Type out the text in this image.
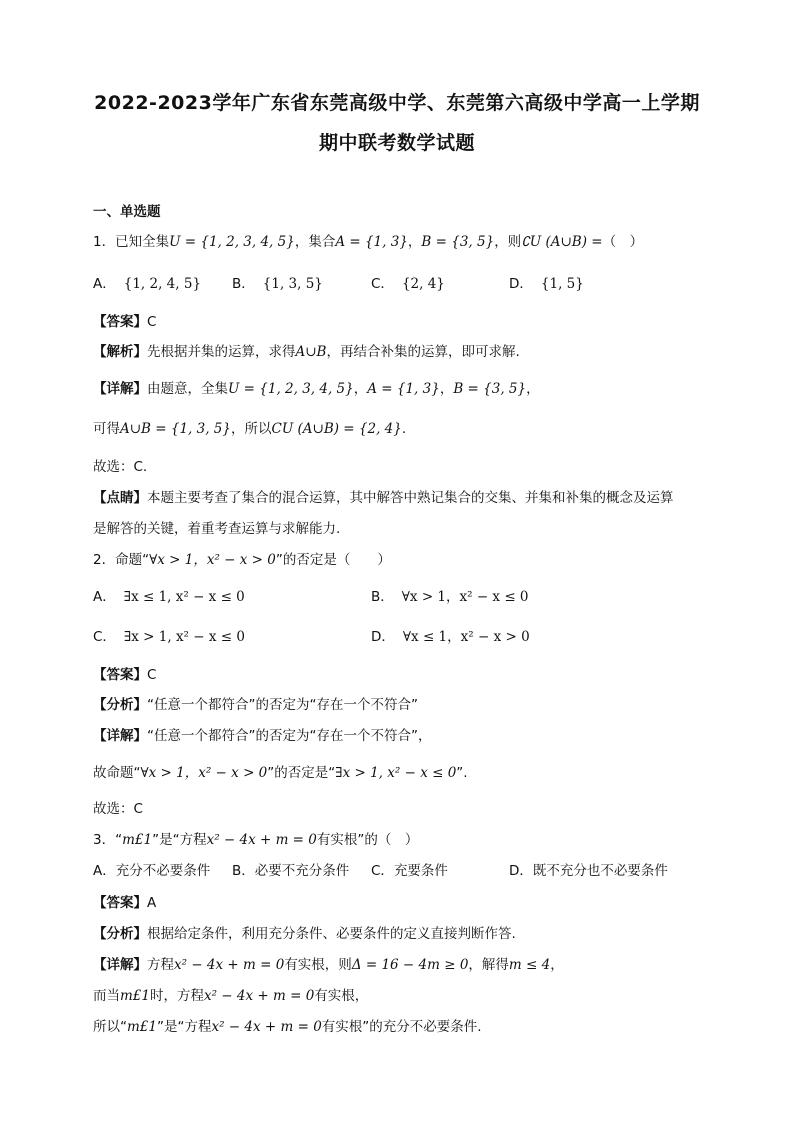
2022-2023学年广东省东莞高级中学、东莞第六高级中学高一上学期
期中联考数学试题
一、单选题
1．已知全集U = {1, 2, 3, 4, 5}，集合A = {1, 3}，B = {3, 5}，则∁U (A∪B) =（　）
A． {1, 2, 4, 5} B． {1, 3, 5}	C． {2, 4}	D． {1, 5}
【答案】C
【解析】先根据并集的运算，求得A∪B，再结合补集的运算，即可求解.
【详解】由题意，全集U = {1, 2, 3, 4, 5}，A = {1, 3}，B = {3, 5}，
可得A∪B = {1, 3, 5}，所以CU (A∪B) = {2, 4}.
故选：C.
【点睛】本题主要考查了集合的混合运算，其中解答中熟记集合的交集、并集和补集的概念及运算
是解答的关键，着重考查运算与求解能力.
2．命题“∀x > 1，x² − x > 0”的否定是（　　）
A． ∃x ≤ 1, x² − x ≤ 0	B． ∀x > 1，x² − x ≤ 0
C． ∃x > 1, x² − x ≤ 0	D． ∀x ≤ 1，x² − x > 0
【答案】C
【分析】“任意一个都符合”的否定为“存在一个不符合”
【详解】“任意一个都符合”的否定为“存在一个不符合”，
故命题“∀x > 1，x² − x > 0”的否定是“∃x > 1, x² − x ≤ 0”.
故选：C
3．“m£1”是“方程x² − 4x + m = 0有实根”的（　）
A．充分不必要条件 B．必要不充分条件 C．充要条件	D．既不充分也不必要条件
【答案】A
【分析】根据给定条件，利用充分条件、必要条件的定义直接判断作答.
【详解】方程x² − 4x + m = 0有实根，则Δ = 16 − 4m ≥ 0，解得m ≤ 4，
而当m£1时，方程x² − 4x + m = 0有实根，
所以“m£1”是“方程x² − 4x + m = 0有实根”的充分不必要条件.
